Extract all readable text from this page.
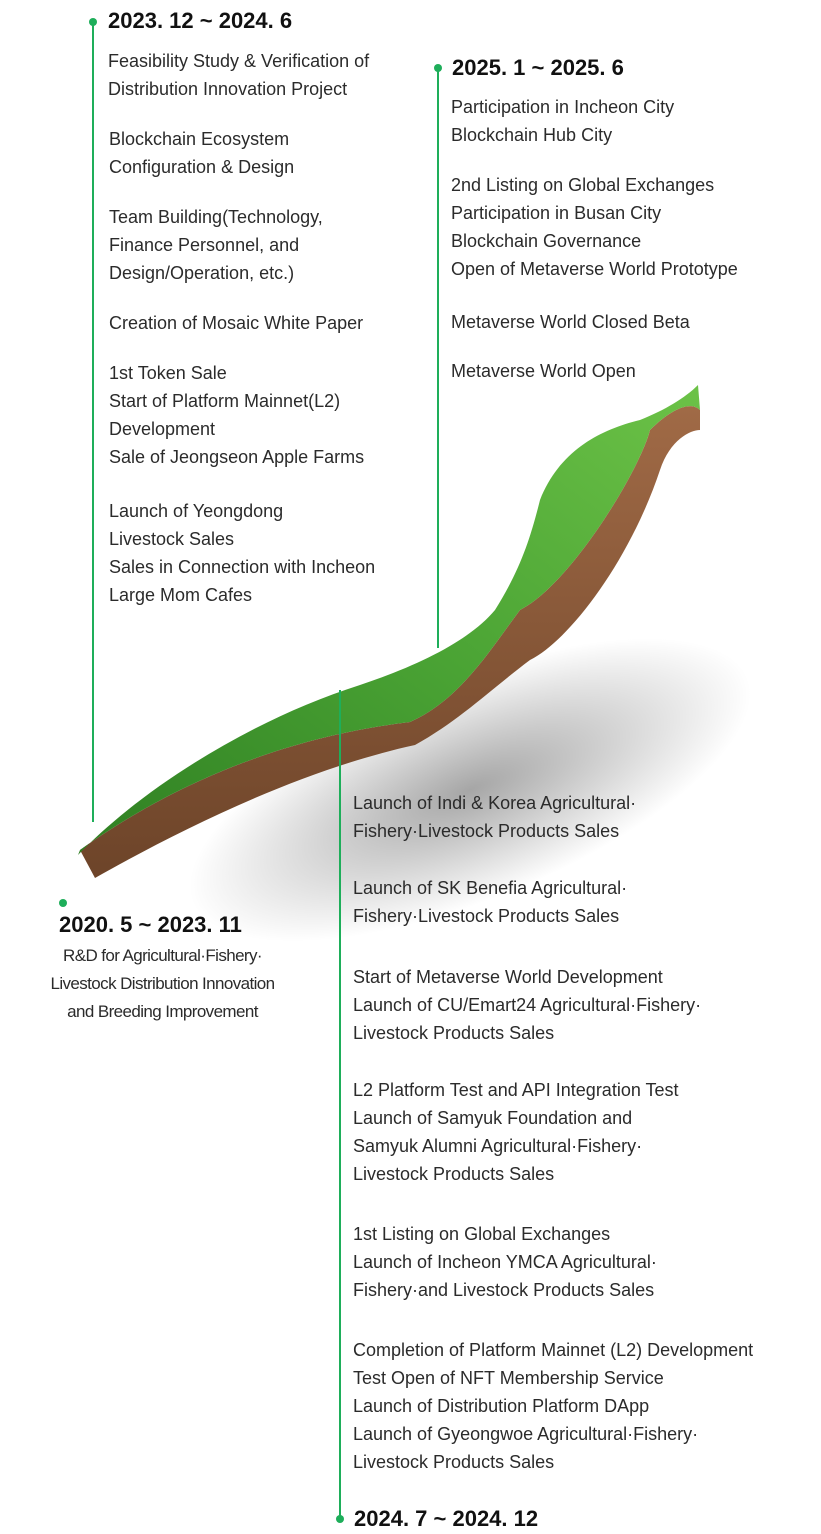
2023. 12 ~ 2024. 6
Feasibility Study & Verification of
Distribution Innovation Project
Blockchain Ecosystem
Configuration & Design
Team Building(Technology,
Finance Personnel, and
Design/Operation, etc.)
Creation of Mosaic White Paper
1st Token Sale
Start of Platform Mainnet(L2)
Development
Sale of Jeongseon Apple Farms
Launch of Yeongdong
Livestock Sales
Sales in Connection with Incheon
Large Mom Cafes
2025. 1 ~ 2025. 6
Participation in Incheon City
Blockchain Hub City
2nd Listing on Global Exchanges
Participation in Busan City
Blockchain Governance
Open of Metaverse World Prototype
Metaverse World Closed Beta
Metaverse World Open
2020. 5 ~ 2023. 11
R&D for Agricultural·Fishery·
Livestock Distribution Innovation
and Breeding Improvement
Launch of Indi & Korea Agricultural·
Fishery·Livestock Products Sales
Launch of SK Benefia Agricultural·
Fishery·Livestock Products Sales
Start of Metaverse World Development
Launch of CU/Emart24 Agricultural·Fishery·
Livestock Products Sales
L2 Platform Test and API Integration Test
Launch of Samyuk Foundation and
Samyuk Alumni Agricultural·Fishery·
Livestock Products Sales
1st Listing on Global Exchanges
Launch of Incheon YMCA Agricultural·
Fishery·and Livestock Products Sales
Completion of Platform Mainnet (L2) Development
Test Open of NFT Membership Service
Launch of Distribution Platform DApp
Launch of Gyeongwoe Agricultural·Fishery·
Livestock Products Sales
2024. 7 ~ 2024. 12
